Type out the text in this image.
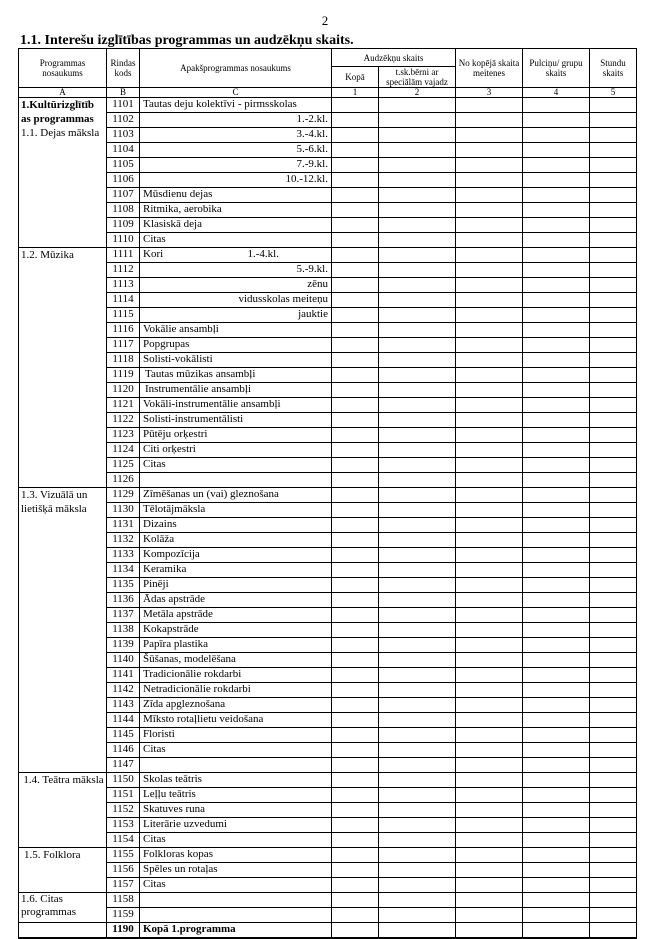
2
1.1. Interešu izglītības programmas un audzēkņu skaits.
Programmas nosaukums	Rindas kods	Apakšprogrammas nosaukums	Audzēkņu skaits		No kopējā skaita meitenes	Pulciņu/ grupu skaits	Stundu skaits
			Kopā	t.sk.bērni ar speciālām vajadz			
A	B	C	1	2	3	4	5

1.Kultūrizglītīb as programmas
1.1. Dejas māksla	1101	Tautas deju kolektīvi - pirmsskolas					
	1102	1.-2.kl.					
	1103	3.-4.kl.					
	1104	5.-6.kl.					
	1105	7.-9.kl.					
	1106	10.-12.kl.					
	1107	Mūsdienu dejas					
	1108	Ritmika, aerobika					
	1109	Klasiskā deja					
	1110	Citas					

1.2. Mūzika	1111	Kori 1.-4.kl.					

	1112	5.-9.kl.					
	1113	zēnu					
	1114	vidusskolas meiteņu					
	1115	jauktie					
	1116	Vokālie ansambļi					
	1117	Popgrupas					
	1118	Solisti-vokālisti					
	1119	Tautas mūzikas ansambļi					
	1120	Instrumentālie ansambļi					
	1121	Vokāli-instrumentālie ansambļi					
	1122	Solisti-instrumentālisti					
	1123	Pūtēju orķestri					
	1124	Citi orķestri					
	1125	Citas					
	1126						

1.3. Vizuālā un lietišķā māksla	1129	Zīmēšanas un (vai) gleznošana					
	1130	Tēlotājmāksla					
	1131	Dizains					
	1132	Kolāža					
	1133	Kompozīcija					
	1134	Keramika					
	1135	Pinēji					
	1136	Ādas apstrāde					
	1137	Metāla apstrāde					
	1138	Kokapstrāde					
	1139	Papīra plastika					
	1140	Šūšanas, modelēšana					
	1141	Tradicionālie rokdarbi					
	1142	Netradicionālie rokdarbi					
	1143	Zīda apgleznošana					
	1144	Mīksto rotaļlietu veidošana					
	1145	Floristi					
	1146	Citas					
	1147						

1.4. Teātra māksla	1150	Skolas teātris					
	1151	Leļļu teātris					
	1152	Skatuves runa					
	1153	Literārie uzvedumi					
	1154	Citas					

1.5. Folklora	1155	Folkloras kopas					
	1156	Spēles un rotaļas					
	1157	Citas					

1.6. Citas programmas	1158						
	1159						
	1190	Kopā 1.programma					
